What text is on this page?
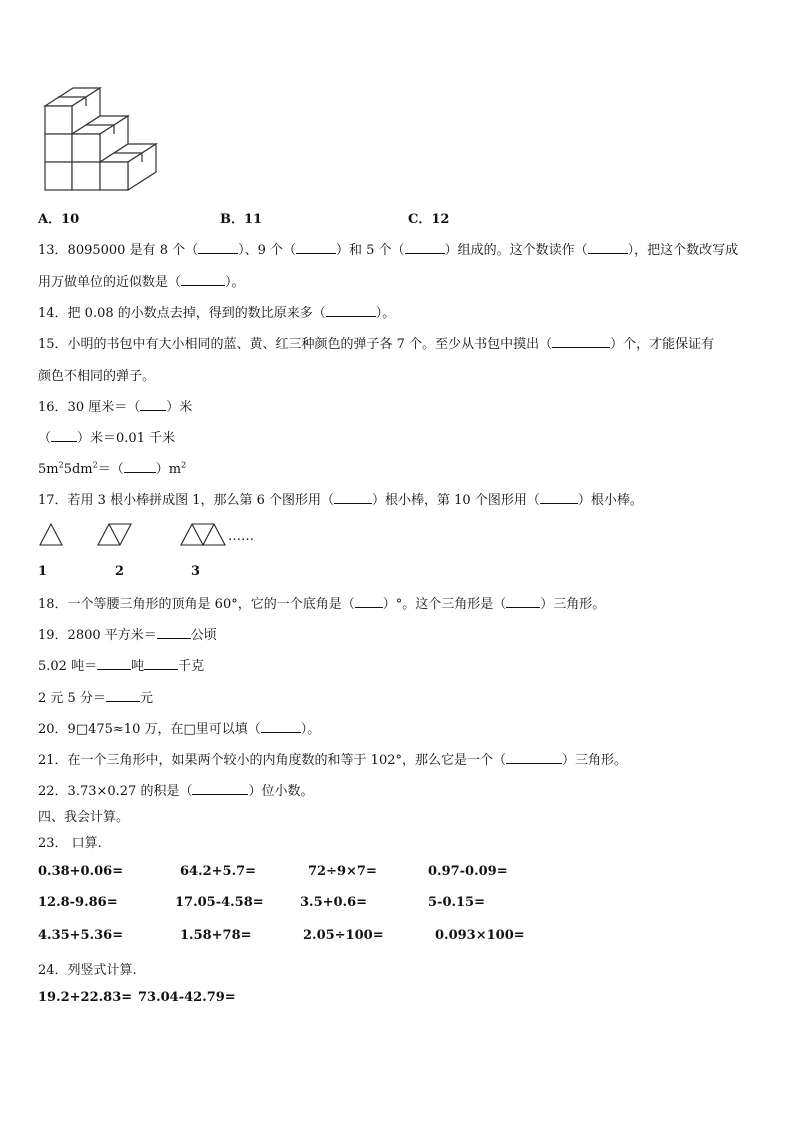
A．10	B．11	C．12
13．8095000 是有 8 个（	）、9 个（	）和 5 个（	）组成的。这个数读作（	），把这个数改写成
用万做单位的近似数是（	）。
14．把 0.08 的小数点去掉，得到的数比原来多（	）。
15．小明的书包中有大小相同的蓝、黄、红三种颜色的弹子各 7 个。至少从书包中摸出（	）个，才能保证有
颜色不相同的弹子。
16．30 厘米＝（ ）米
（ ）米＝0.01 千米
$5m^25dm^2=$（ ）$m^2$
17．若用 3 根小棒拼成图 1，那么第 6 个图形用（	）根小棒，第 10 个图形用（	）根小棒。
……
1	2	3
18．一个等腰三角形的顶角是 60°，它的一个底角是（ ）°。这个三角形是（	）三角形。
19．2800 平方米＝	公顷
5.02 吨＝	吨	千克
2 元 5 分＝	元
20．9□475≈10 万，在□里可以填（	）。
21．在一个三角形中，如果两个较小的内角度数的和等于 102°，那么它是一个（	）三角形。
22．3.73×0.27 的积是（	）位小数。
四、我会计算。
23． 口算.
0.38+0.06=	64.2+5.7=	72÷9×7=	0.97-0.09=
12.8-9.86=	17.05-4.58=	3.5+0.6=	5-0.15=
4.35+5.36=	1.58+78=	2.05÷100=	0.093×100=
24．列竖式计算.
19.2+22.83= 73.04-42.79=
